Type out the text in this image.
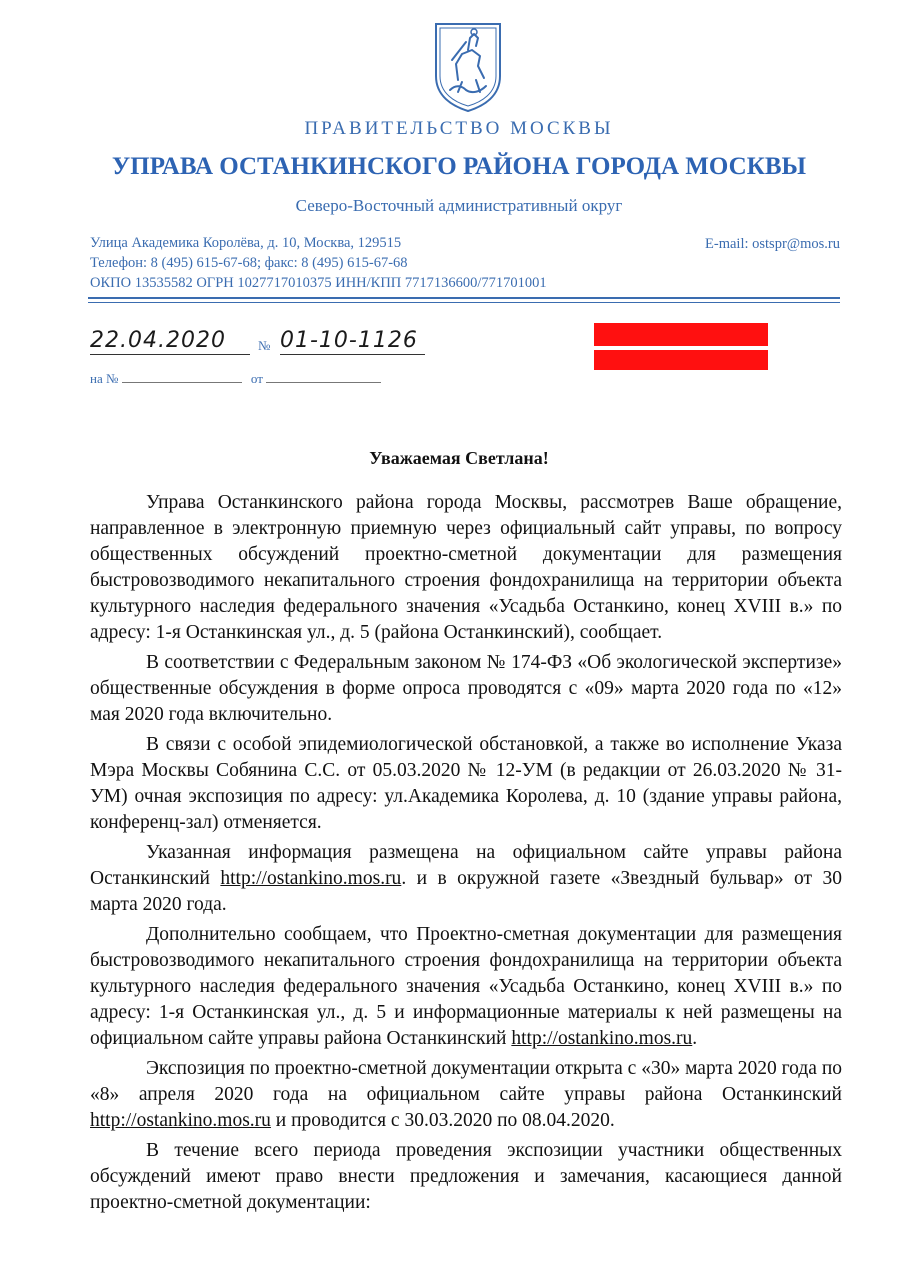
ПРАВИТЕЛЬСТВО МОСКВЫ
УПРАВА ОСТАНКИНСКОГО РАЙОНА ГОРОДА МОСКВЫ
Северо-Восточный административный округ
Улица Академика Королёва, д. 10, Москва, 129515
Телефон: 8 (495) 615-67-68; факс: 8 (495) 615-67-68
ОКПО 13535582 ОГРН 1027717010375 ИНН/КПП 7717136600/771701001
E-mail: ostspr@mos.ru
22.04.2020	№ 01-10-1126
на №	от
Уважаемая Светлана!

Управа Останкинского района города Москвы, рассмотрев Ваше обращение, направленное в электронную приемную через официальный сайт управы, по вопросу общественных обсуждений проектно-сметной документации для размещения быстровозводимого некапитального строения фондохранилища на территории объекта культурного наследия федерального значения «Усадьба Останкино, конец XVIII в.» по адресу: 1-я Останкинская ул., д. 5 (района Останкинский), сообщает.

В соответствии с Федеральным законом № 174-ФЗ «Об экологической экспертизе» общественные обсуждения в форме опроса проводятся с «09» марта 2020 года по «12» мая 2020 года включительно.

В связи с особой эпидемиологической обстановкой, а также во исполнение Указа Мэра Москвы Собянина С.С. от 05.03.2020 № 12-УМ (в редакции от 26.03.2020 № 31-УМ) очная экспозиция по адресу: ул.Академика Королева, д. 10 (здание управы района, конференц-зал) отменяется.

Указанная информация размещена на официальном сайте управы района Останкинский http://ostankino.mos.ru. и в окружной газете «Звездный бульвар» от 30 марта 2020 года.

Дополнительно сообщаем, что Проектно-сметная документации для размещения быстровозводимого некапитального строения фондохранилища на территории объекта культурного наследия федерального значения «Усадьба Останкино, конец XVIII в.» по адресу: 1-я Останкинская ул., д. 5 и информационные материалы к ней размещены на официальном сайте управы района Останкинский http://ostankino.mos.ru.

Экспозиция по проектно-сметной документации открыта с «30» марта 2020 года по «8» апреля 2020 года на официальном сайте управы района Останкинский http://ostankino.mos.ru и проводится с 30.03.2020 по 08.04.2020.

В течение всего периода проведения экспозиции участники общественных обсуждений имеют право внести предложения и замечания, касающиеся данной проектно-сметной документации:
